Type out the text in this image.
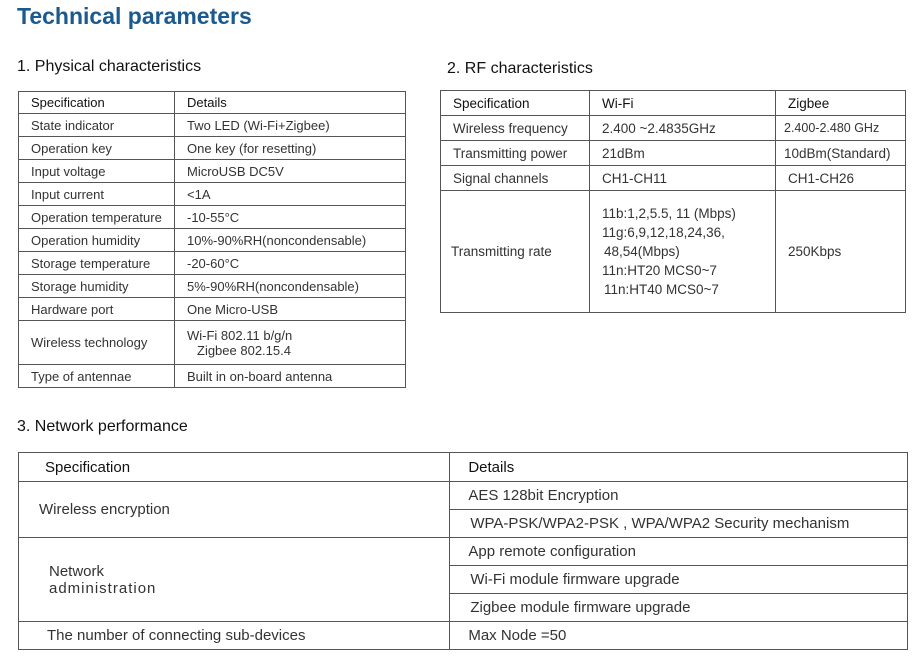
Technical parameters
1. Physical characteristics
Specification	Details
State indicator	Two LED (Wi-Fi+Zigbee)
Operation key	One key (for resetting)
Input voltage	MicroUSB DC5V
Input current	<1A
Operation temperature	-10-55°C
Operation humidity	10%-90%RH(noncondensable)
Storage temperature	-20-60°C
Storage humidity	5%-90%RH(noncondensable)
Hardware port	One Micro-USB
Wireless technology	Wi-Fi 802.11 b/g/n
Zigbee 802.15.4
Type of antennae	Built in on-board antenna
2. RF characteristics
Specification	Wi-Fi	Zigbee
Wireless frequency	2.400 ~2.4835GHz	2.400-2.480 GHz
Transmitting power	21dBm	10dBm(Standard)
Signal channels	CH1-CH11	CH1-CH26
Transmitting rate	11b:1,2,5.5, 11 (Mbps)
11g:6,9,12,18,24,36,
48,54(Mbps)
11n:HT20 MCS0~7
11n:HT40 MCS0~7	250Kbps
3. Network performance
Specification	Details
Wireless encryption	AES 128bit Encryption
	WPA-PSK/WPA2-PSK , WPA/WPA2 Security mechanism

Network
administration	App remote configuration
	Wi-Fi module firmware upgrade
	Zigbee module firmware upgrade
The number of connecting sub-devices	Max Node =50
